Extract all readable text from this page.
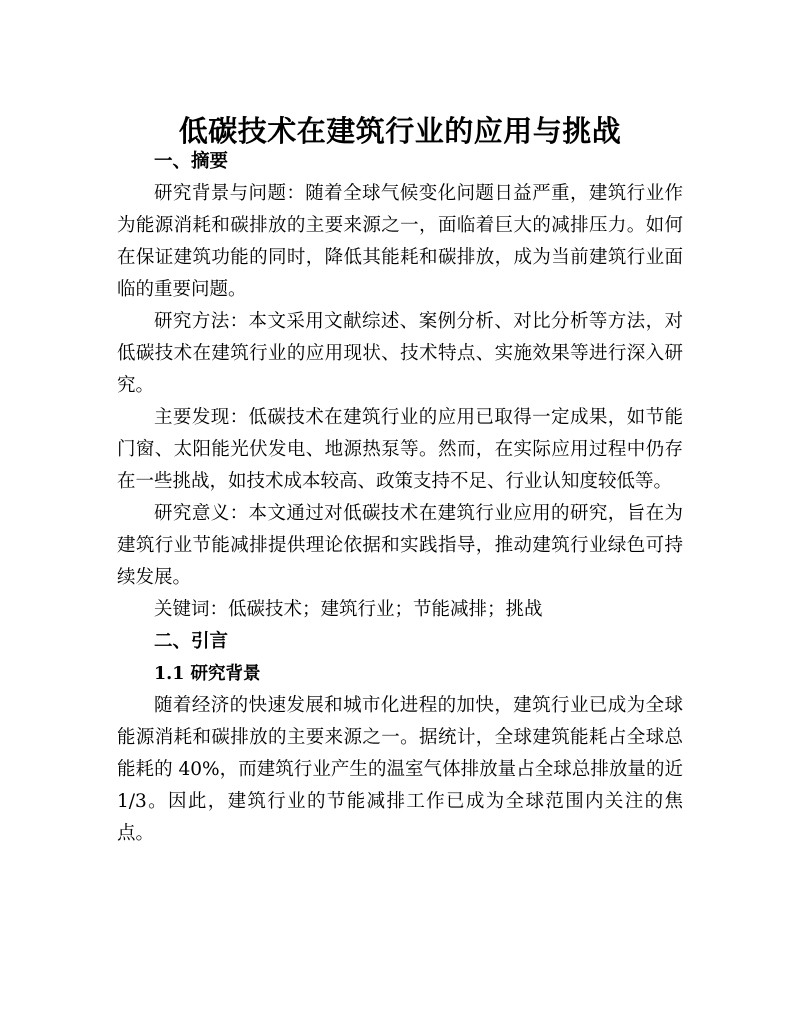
低碳技术在建筑行业的应用与挑战
一、摘要

研究背景与问题：随着全球气候变化问题日益严重，建筑行业作为能源消耗和碳排放的主要来源之一，面临着巨大的减排压力。如何在保证建筑功能的同时，降低其能耗和碳排放，成为当前建筑行业面临的重要问题。

研究方法：本文采用文献综述、案例分析、对比分析等方法，对低碳技术在建筑行业的应用现状、技术特点、实施效果等进行深入研究。

主要发现：低碳技术在建筑行业的应用已取得一定成果，如节能门窗、太阳能光伏发电、地源热泵等。然而，在实际应用过程中仍存在一些挑战，如技术成本较高、政策支持不足、行业认知度较低等。

研究意义：本文通过对低碳技术在建筑行业应用的研究，旨在为建筑行业节能减排提供理论依据和实践指导，推动建筑行业绿色可持续发展。

关键词：低碳技术；建筑行业；节能减排；挑战

二、引言
1.1 研究背景

随着经济的快速发展和城市化进程的加快，建筑行业已成为全球能源消耗和碳排放的主要来源之一。据统计，全球建筑能耗占全球总能耗的 40%，而建筑行业产生的温室气体排放量占全球总排放量的近 1/3。因此，建筑行业的节能减排工作已成为全球范围内关注的焦点。
